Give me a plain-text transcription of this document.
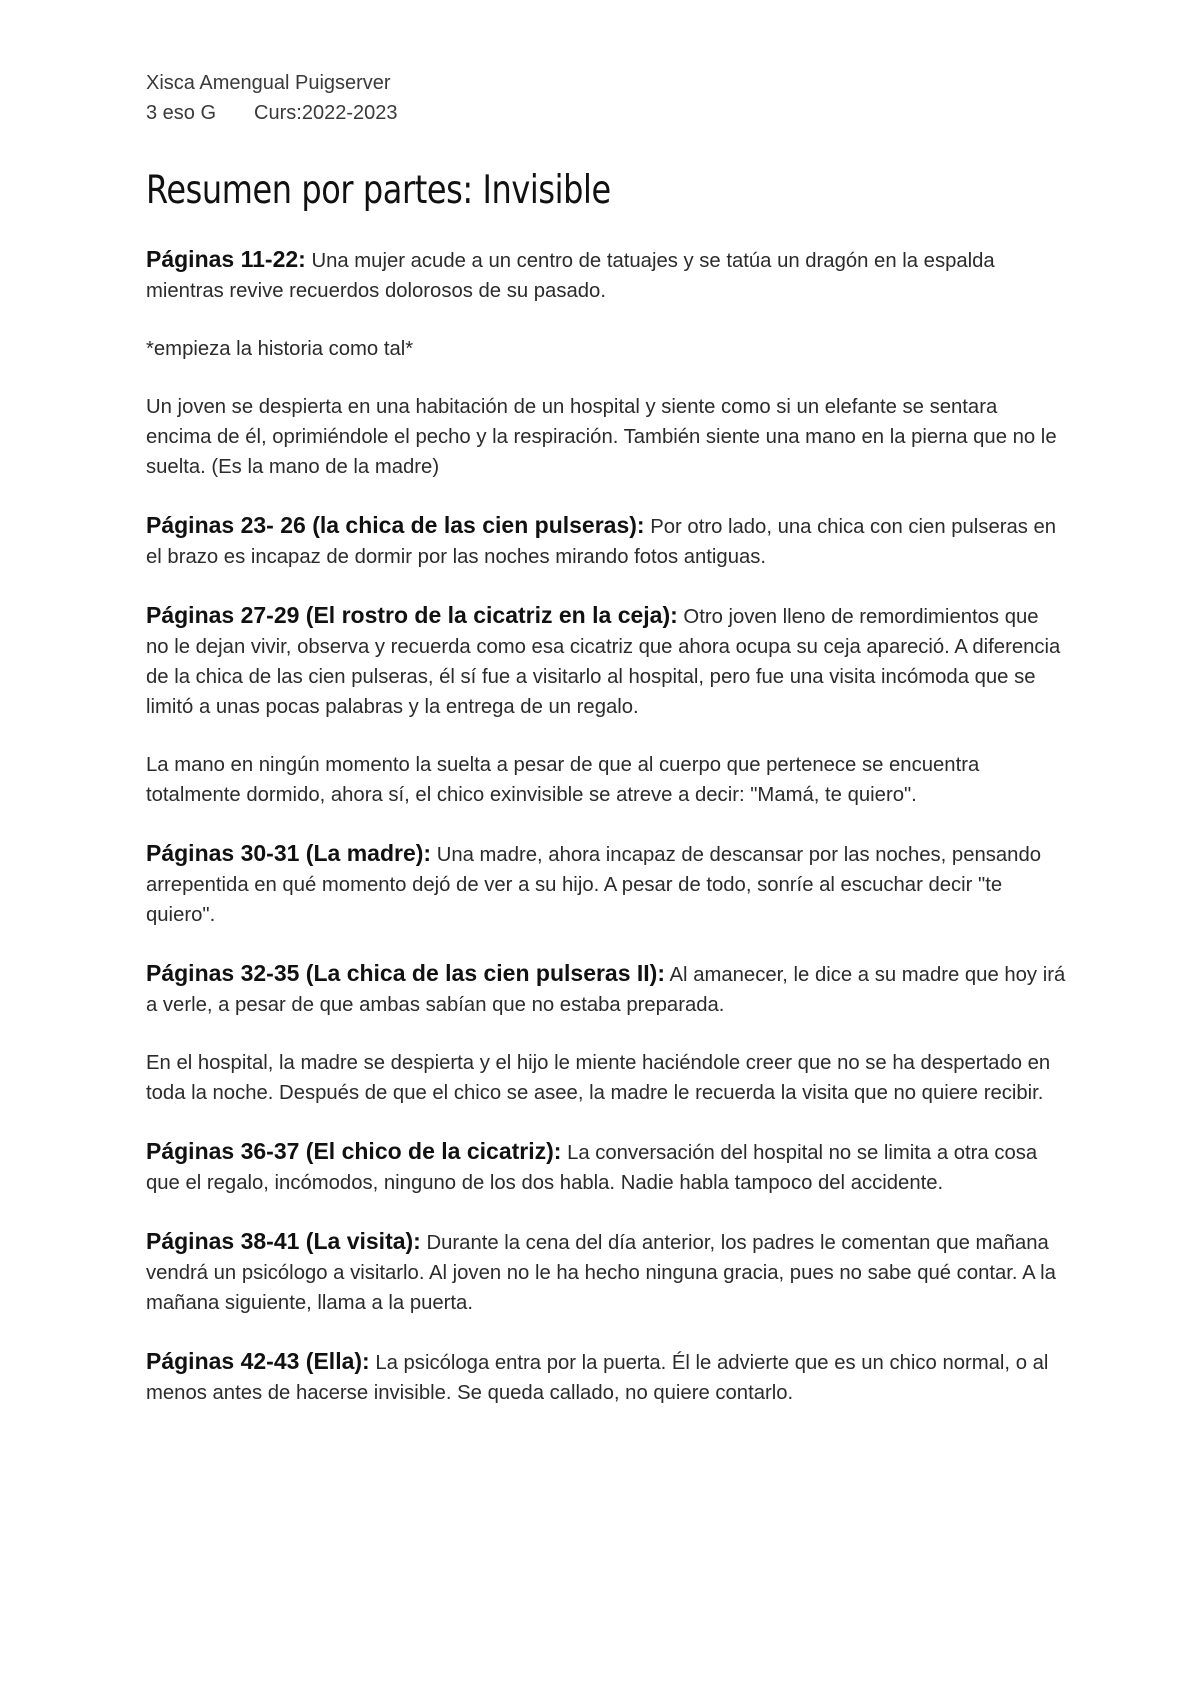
Xisca Amengual Puigserver
3 eso G Curs:2022-2023
Resumen por partes: Invisible

Páginas 11-22: Una mujer acude a un centro de tatuajes y se tatúa un dragón en la espalda mientras revive recuerdos dolorosos de su pasado.

*empieza la historia como tal*

Un joven se despierta en una habitación de un hospital y siente como si un elefante se sentara encima de él, oprimiéndole el pecho y la respiración. También siente una mano en la pierna que no le suelta. (Es la mano de la madre)

Páginas 23- 26 (la chica de las cien pulseras): Por otro lado, una chica con cien pulseras en el brazo es incapaz de dormir por las noches mirando fotos antiguas.

Páginas 27-29 (El rostro de la cicatriz en la ceja): Otro joven lleno de remordimientos que no le dejan vivir, observa y recuerda como esa cicatriz que ahora ocupa su ceja apareció. A diferencia de la chica de las cien pulseras, él sí fue a visitarlo al hospital, pero fue una visita incómoda que se limitó a unas pocas palabras y la entrega de un regalo.

La mano en ningún momento la suelta a pesar de que al cuerpo que pertenece se encuentra totalmente dormido, ahora sí, el chico exinvisible se atreve a decir: "Mamá, te quiero".

Páginas 30-31 (La madre): Una madre, ahora incapaz de descansar por las noches, pensando arrepentida en qué momento dejó de ver a su hijo. A pesar de todo, sonríe al escuchar decir "te quiero".

Páginas 32-35 (La chica de las cien pulseras II): Al amanecer, le dice a su madre que hoy irá a verle, a pesar de que ambas sabían que no estaba preparada.

En el hospital, la madre se despierta y el hijo le miente haciéndole creer que no se ha despertado en toda la noche. Después de que el chico se asee, la madre le recuerda la visita que no quiere recibir.

Páginas 36-37 (El chico de la cicatriz): La conversación del hospital no se limita a otra cosa que el regalo, incómodos, ninguno de los dos habla. Nadie habla tampoco del accidente.

Páginas 38-41 (La visita): Durante la cena del día anterior, los padres le comentan que mañana vendrá un psicólogo a visitarlo. Al joven no le ha hecho ninguna gracia, pues no sabe qué contar. A la mañana siguiente, llama a la puerta.

Páginas 42-43 (Ella): La psicóloga entra por la puerta. Él le advierte que es un chico normal, o al menos antes de hacerse invisible. Se queda callado, no quiere contarlo.
